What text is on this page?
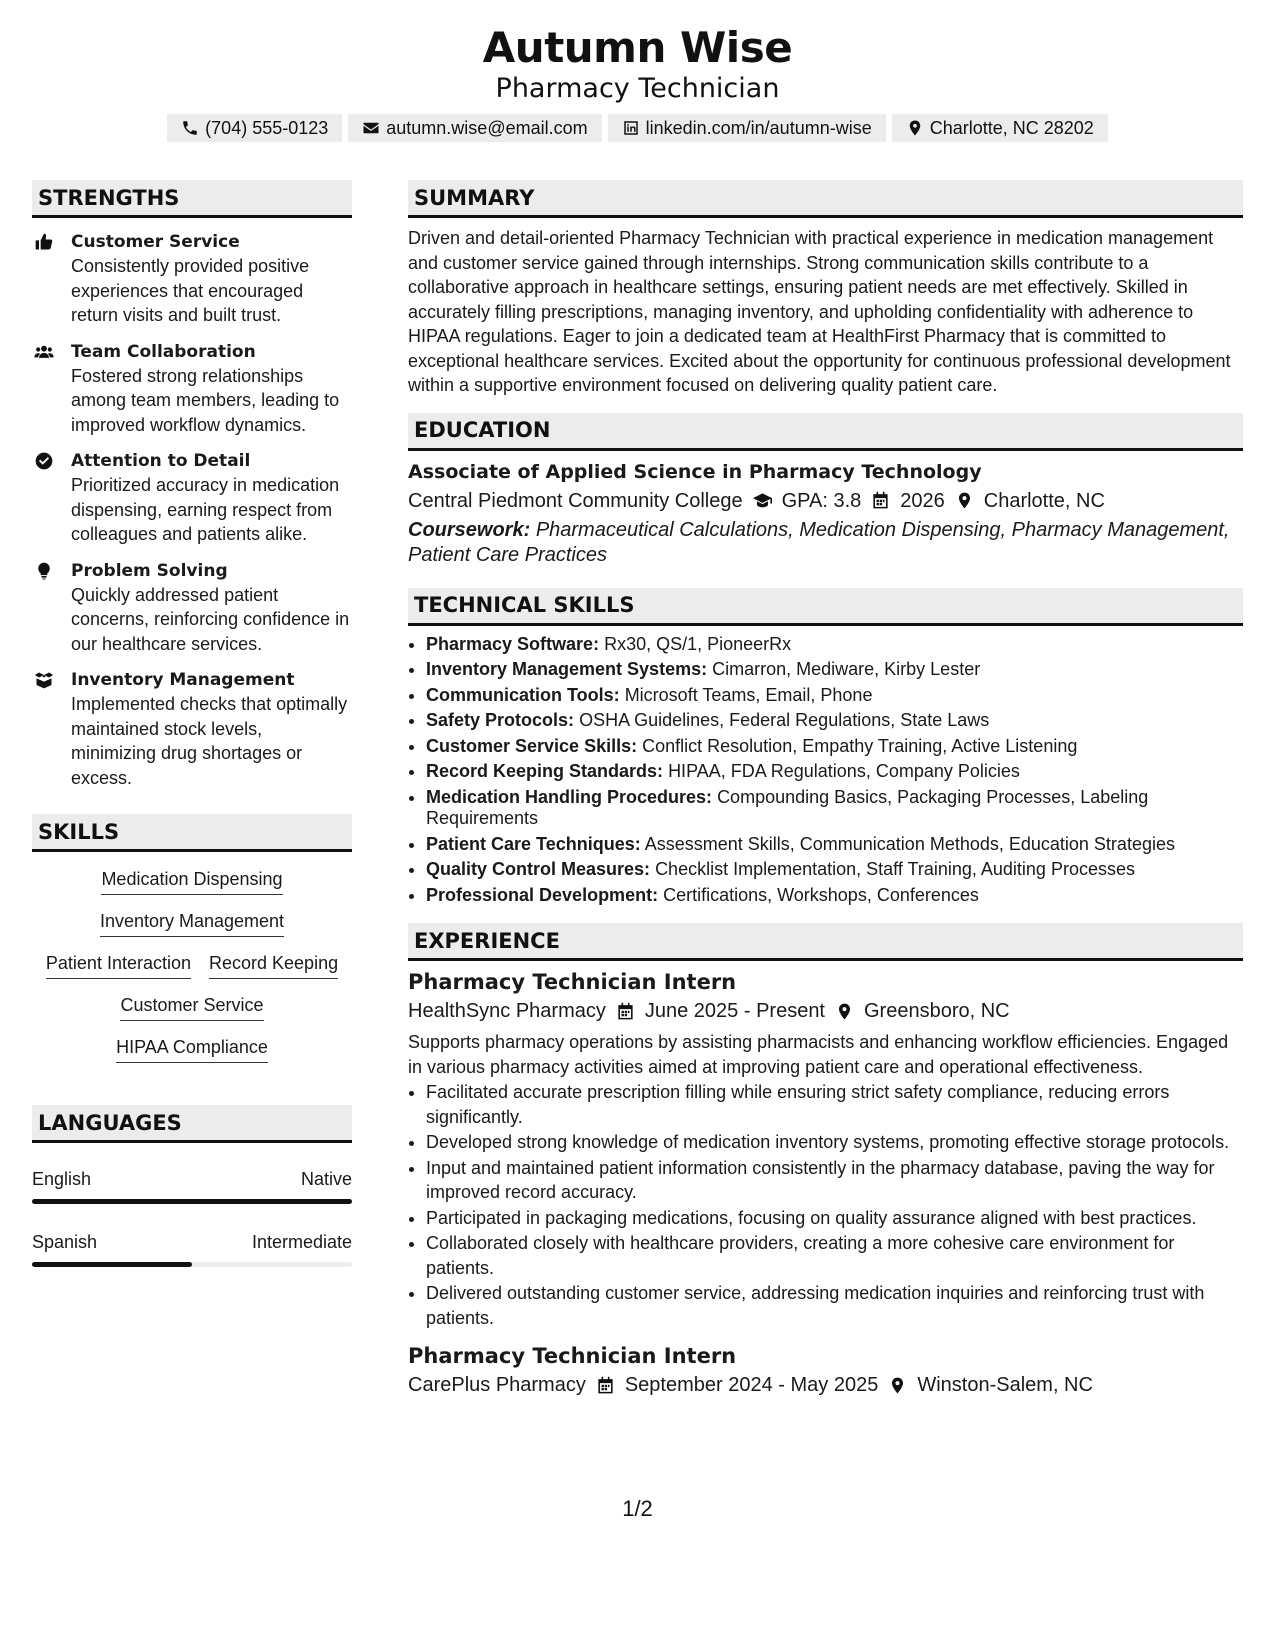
Autumn Wise
Pharmacy Technician
(704) 555-0123	autumn.wise@email.com	linkedin.com/in/autumn-wise	Charlotte, NC 28202
STRENGTHS
Customer Service
Consistently provided positive experiences that encouraged return visits and built trust.
Team Collaboration
Fostered strong relationships among team members, leading to improved workflow dynamics.
Attention to Detail
Prioritized accuracy in medication dispensing, earning respect from colleagues and patients alike.
Problem Solving
Quickly addressed patient concerns, reinforcing confidence in our healthcare services.
Inventory Management
Implemented checks that optimally maintained stock levels, minimizing drug shortages or excess.
SKILLS
Medication Dispensing
Inventory Management
Patient Interaction Record Keeping
Customer Service
HIPAA Compliance
LANGUAGES
English	Native
Spanish	Intermediate
SUMMARY
Driven and detail-oriented Pharmacy Technician with practical experience in medication management and customer service gained through internships. Strong communication skills contribute to a collaborative approach in healthcare settings, ensuring patient needs are met effectively. Skilled in accurately filling prescriptions, managing inventory, and upholding confidentiality with adherence to HIPAA regulations. Eager to join a dedicated team at HealthFirst Pharmacy that is committed to exceptional healthcare services. Excited about the opportunity for continuous professional development within a supportive environment focused on delivering quality patient care.
EDUCATION
Associate of Applied Science in Pharmacy Technology
Central Piedmont Community College GPA: 3.8 2026 Charlotte, NC
Coursework: Pharmaceutical Calculations, Medication Dispensing, Pharmacy Management, Patient Care Practices
TECHNICAL SKILLS
• Pharmacy Software: Rx30, QS/1, PioneerRx
• Inventory Management Systems: Cimarron, Mediware, Kirby Lester
• Communication Tools: Microsoft Teams, Email, Phone
• Safety Protocols: OSHA Guidelines, Federal Regulations, State Laws
• Customer Service Skills: Conflict Resolution, Empathy Training, Active Listening
• Record Keeping Standards: HIPAA, FDA Regulations, Company Policies
• Medication Handling Procedures: Compounding Basics, Packaging Processes, Labeling Requirements
• Patient Care Techniques: Assessment Skills, Communication Methods, Education Strategies
• Quality Control Measures: Checklist Implementation, Staff Training, Auditing Processes
• Professional Development: Certifications, Workshops, Conferences
EXPERIENCE
Pharmacy Technician Intern
HealthSync Pharmacy June 2025 - Present Greensboro, NC
Supports pharmacy operations by assisting pharmacists and enhancing workflow efficiencies. Engaged in various pharmacy activities aimed at improving patient care and operational effectiveness.
• Facilitated accurate prescription filling while ensuring strict safety compliance, reducing errors significantly.
• Developed strong knowledge of medication inventory systems, promoting effective storage protocols.
• Input and maintained patient information consistently in the pharmacy database, paving the way for improved record accuracy.
• Participated in packaging medications, focusing on quality assurance aligned with best practices.
• Collaborated closely with healthcare providers, creating a more cohesive care environment for patients.
• Delivered outstanding customer service, addressing medication inquiries and reinforcing trust with patients.
Pharmacy Technician Intern
CarePlus Pharmacy September 2024 - May 2025 Winston-Salem, NC
1/2
